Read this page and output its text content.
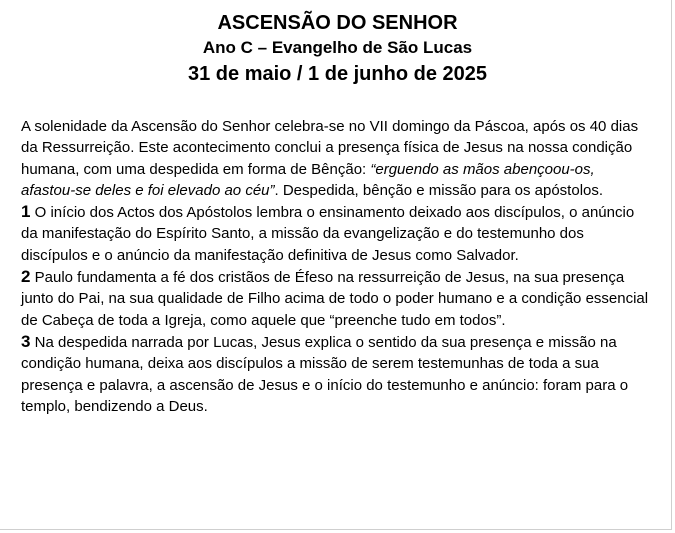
ASCENSÃO DO SENHOR
Ano C – Evangelho de São Lucas
31 de maio / 1 de junho de 2025

A solenidade da Ascensão do Senhor celebra-se no VII domingo da Páscoa, após os 40 dias da Ressurreição. Este acontecimento conclui a presença física de Jesus na nossa condição humana, com uma despedida em forma de Bênção: “erguendo as mãos abençoou-os, afastou-se deles e foi elevado ao céu”. Despedida, bênção e missão para os apóstolos.

1 O início dos Actos dos Apóstolos lembra o ensinamento deixado aos discípulos, o anúncio da manifestação do Espírito Santo, a missão da evangelização e do testemunho dos discípulos e o anúncio da manifestação definitiva de Jesus como Salvador.

2 Paulo fundamenta a fé dos cristãos de Éfeso na ressurreição de Jesus, na sua presença junto do Pai, na sua qualidade de Filho acima de todo o poder humano e a condição essencial de Cabeça de toda a Igreja, como aquele que “preenche tudo em todos”.

3 Na despedida narrada por Lucas, Jesus explica o sentido da sua presença e missão na condição humana, deixa aos discípulos a missão de serem testemunhas de toda a sua presença e palavra, a ascensão de Jesus e o início do testemunho e anúncio: foram para o templo, bendizendo a Deus.
